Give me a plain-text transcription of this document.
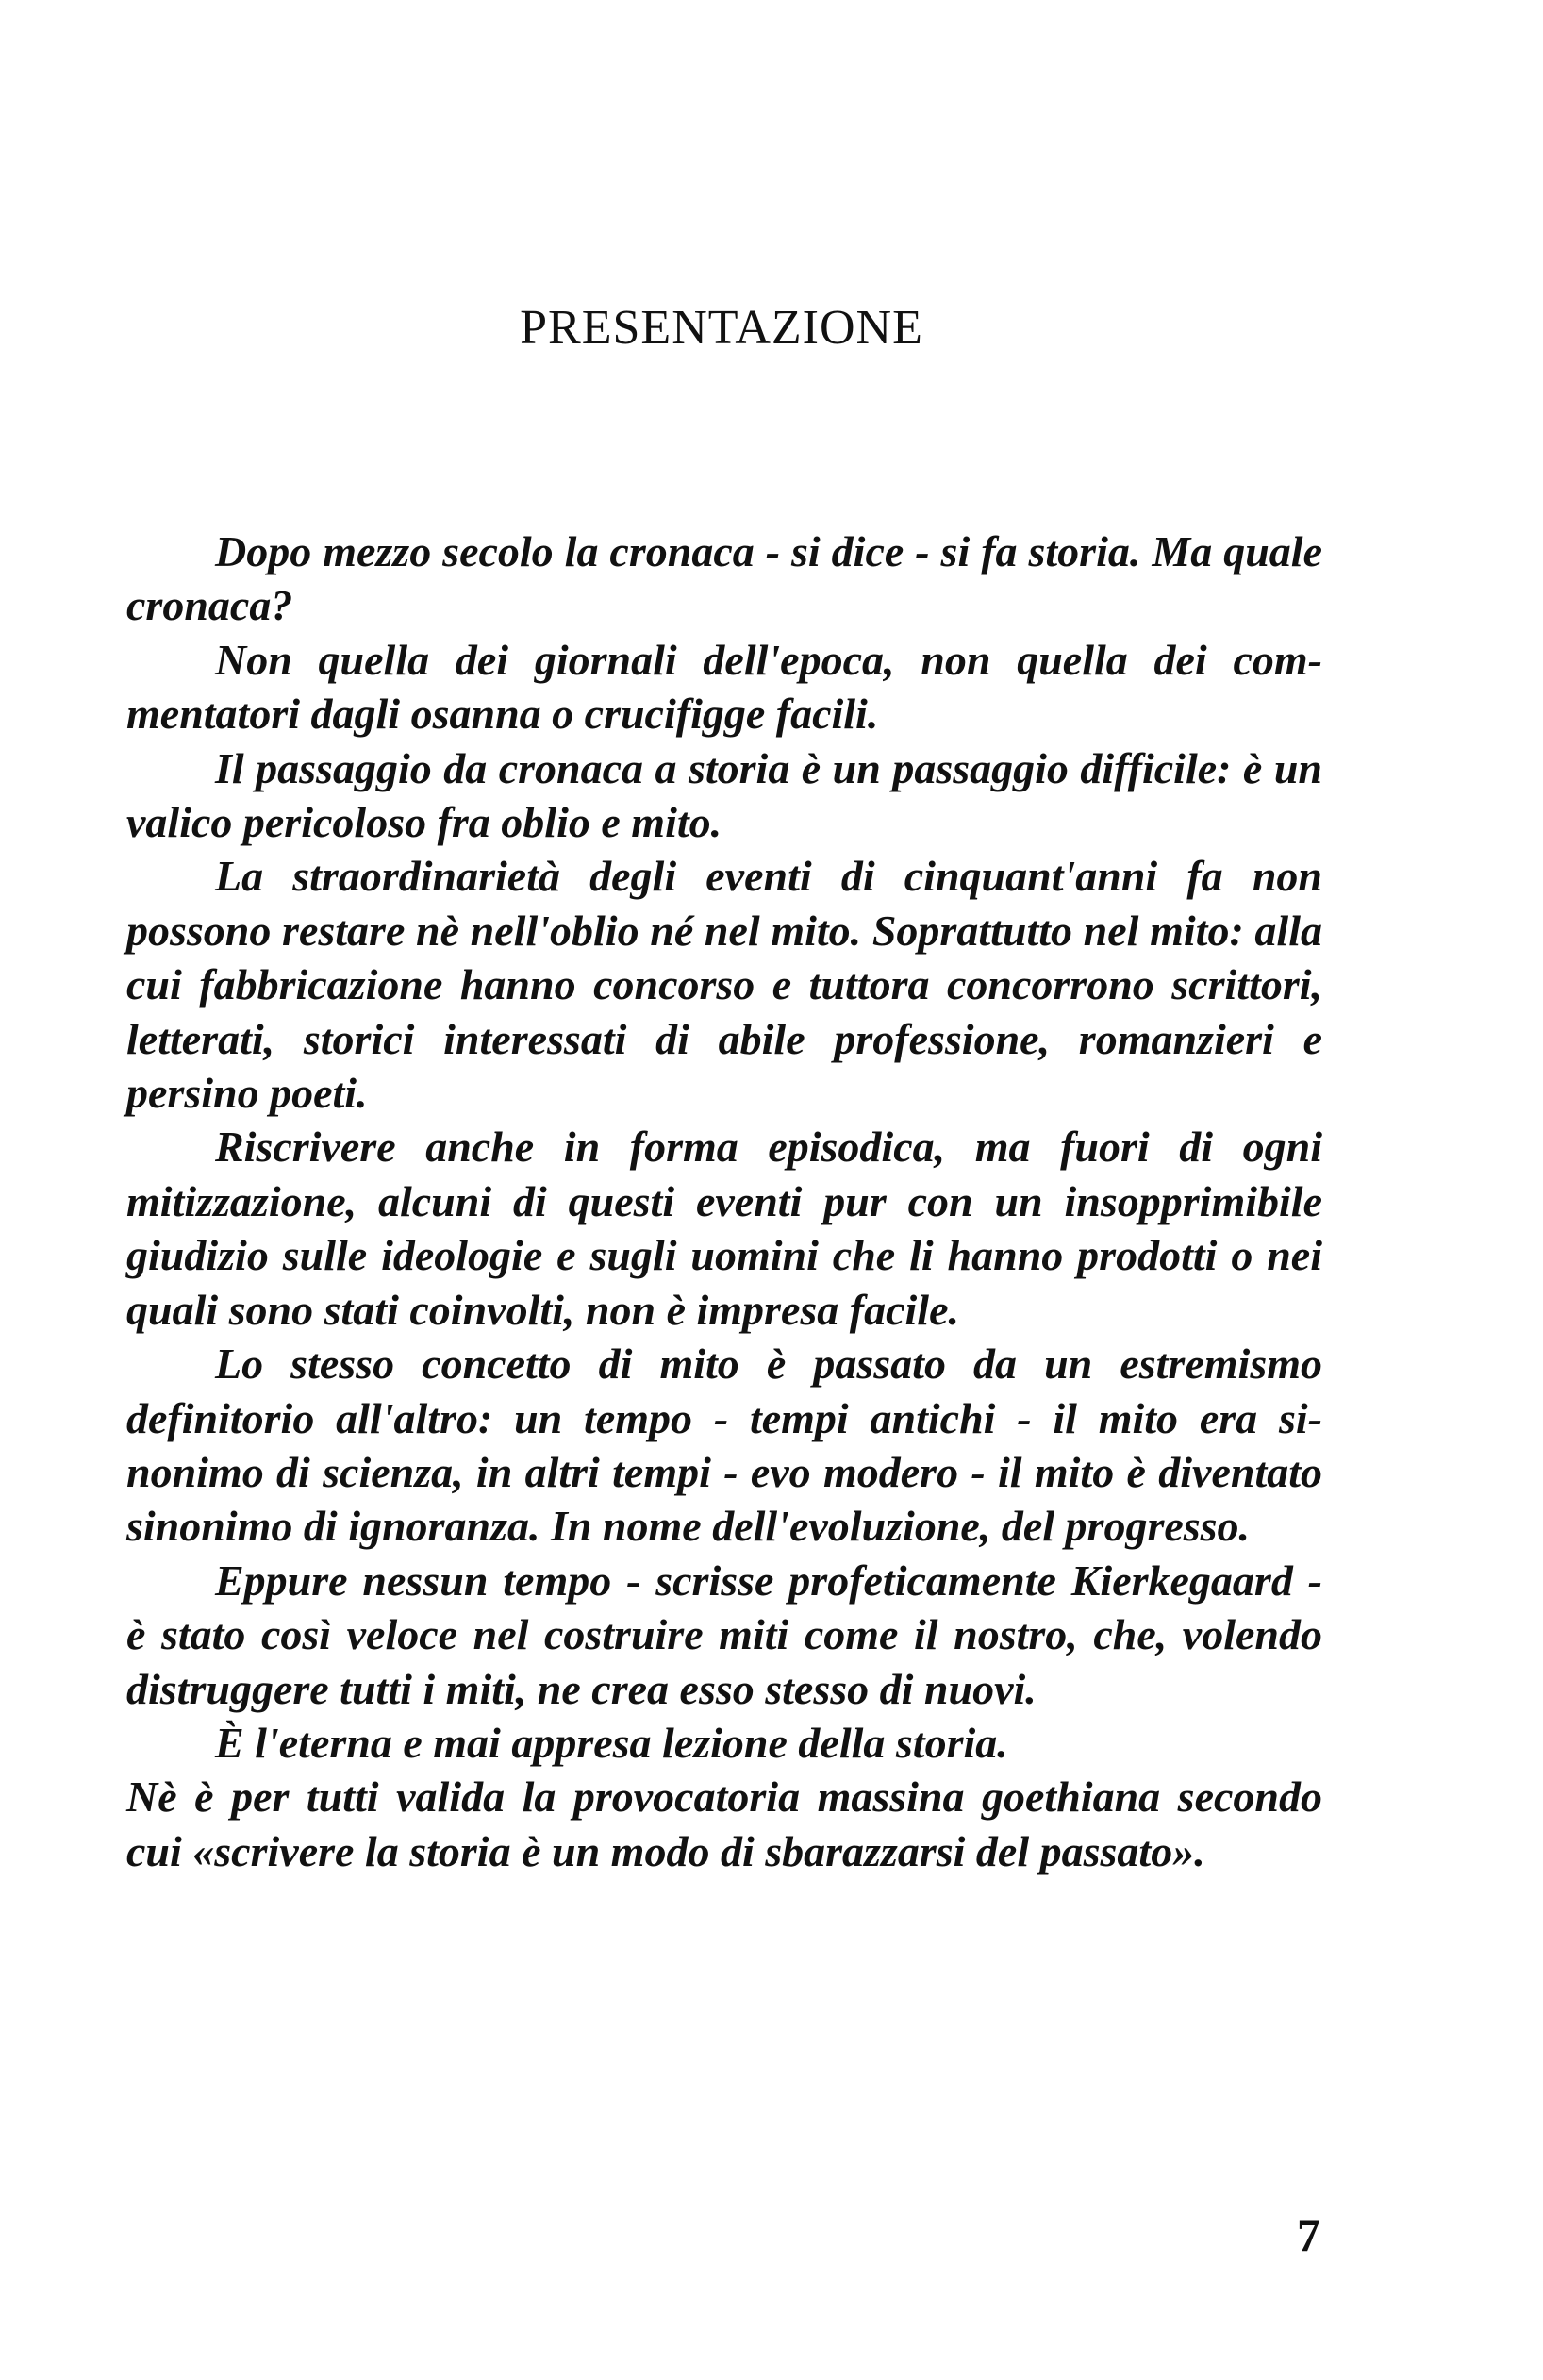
PRESENTAZIONE

Dopo mezzo secolo la cronaca - si dice - si fa storia. Ma quale cronaca?

Non quella dei giornali dell'epoca, non quella dei commentatori dagli osanna o crucifigge facili.

Il passaggio da cronaca a storia è un passaggio difficile: è un valico pericoloso fra oblio e mito.

La straordinarietà degli eventi di cinquant'anni fa non possono restare nè nell'oblio né nel mito. Soprattutto nel mito: alla cui fabbricazione hanno concorso e tuttora concorrono scrittori, letterati, storici interessati di abile professione, romanzieri e persino poeti.

Riscrivere anche in forma episodica, ma fuori di ogni mitizzazione, alcuni di questi eventi pur con un insopprimibile giudizio sulle ideologie e sugli uomini che li hanno prodotti o nei quali sono stati coinvolti, non è impresa facile.

Lo stesso concetto di mito è passato da un estremismo definitorio all'altro: un tempo - tempi antichi - il mito era sinonimo di scienza, in altri tempi - evo modero - il mito è diventato sinonimo di ignoranza. In nome dell'evoluzione, del progresso.

Eppure nessun tempo - scrisse profeticamente Kierkegaard - è stato così veloce nel costruire miti come il nostro, che, volendo distruggere tutti i miti, ne crea esso stesso di nuovi.

È l'eterna e mai appresa lezione della storia.

Nè è per tutti valida la provocatoria massina goethiana secondo cui «scrivere la storia è un modo di sbarazzarsi del passato».

7
